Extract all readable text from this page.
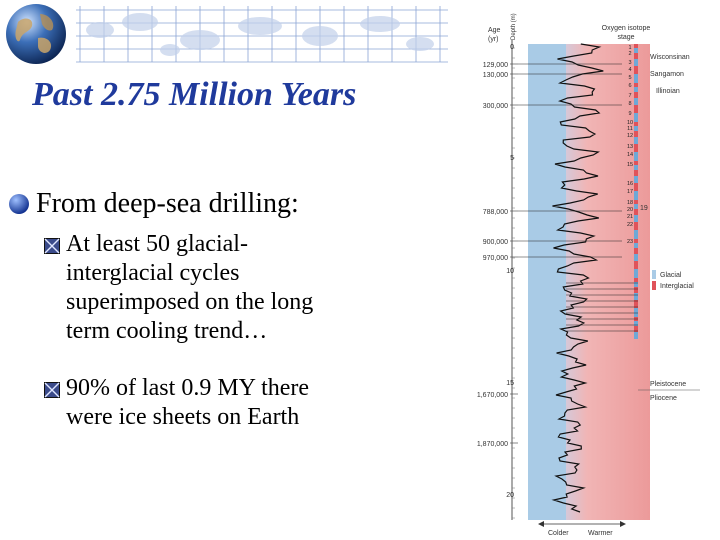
Past 2.75 Million Years
From deep-sea drilling:
At least 50 glacial-
interglacial cycles
superimposed on the long
term cooling trend…
90% of last 0.9 MY there
were ice sheets on Earth
Age
(yr) Depth (m)	Oxygen isotope
stage
129,000
130,000
300,000
788,000
900,000
970,000
1,670,000
1,870,000
0
5
10
15
20
1
2
3
4
5
6
7
8
9
10
11
12
13
14
15
16
17
18
20
21
22
23
Wisconsinan
Sangamon
Illinoian
19
Glacial
Interglacial
Pleistocene
Pliocene
Colder	Warmer
